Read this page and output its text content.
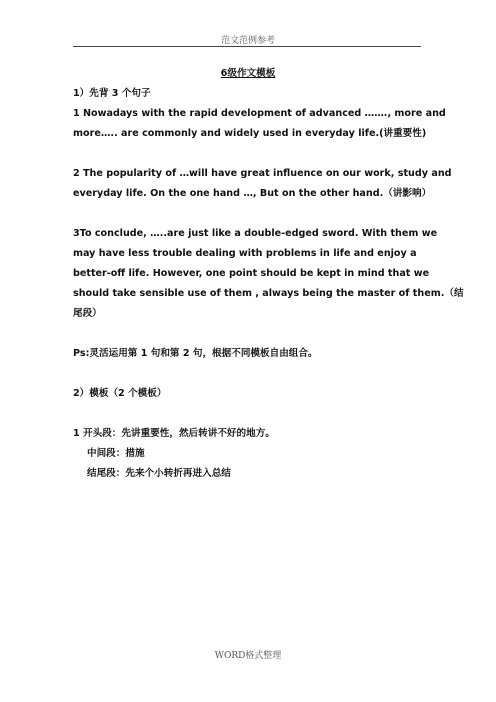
范文范例参考

6级作文模板

1）先背 3 个句子

1 Nowadays with the rapid development of advanced ……., more and
more….. are commonly and widely used in everyday life.(讲重要性)
2 The popularity of …will have great influence on our work, study and
everyday life. On the one hand …, But on the other hand.（讲影响）
3To conclude, …..are just like a double-edged sword. With them we
may have less trouble dealing with problems in life and enjoy a
better-off life. However, one point should be kept in mind that we
should take sensible use of them , always being the master of them.（结
尾段）

Ps:灵活运用第 1 句和第 2 句，根据不同模板自由组合。

2）模板（2 个模板）

1 开头段：先讲重要性，然后转讲不好的地方。

中间段：措施

结尾段：先来个小转折再进入总结

WORD格式整理
